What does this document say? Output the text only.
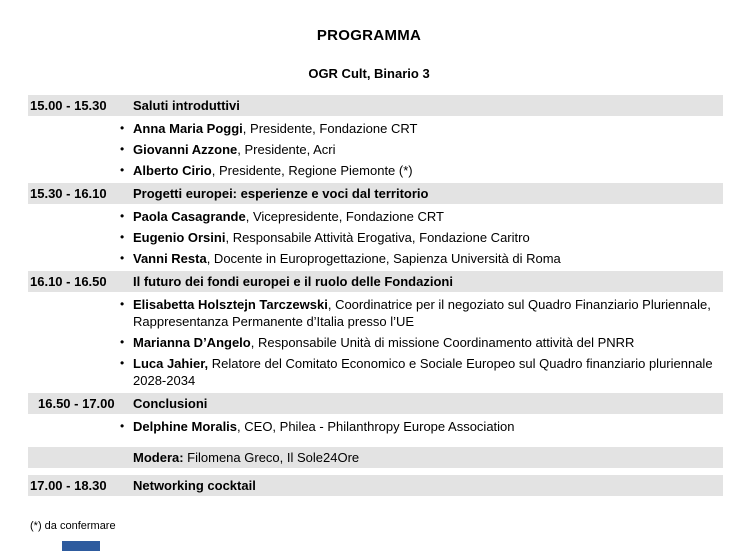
PROGRAMMA
OGR Cult, Binario 3
15.00 - 15.30	Saluti introduttivi
• Anna Maria Poggi, Presidente, Fondazione CRT
• Giovanni Azzone, Presidente, Acri
• Alberto Cirio, Presidente, Regione Piemonte (*)
15.30 - 16.10	Progetti europei: esperienze e voci dal territorio
• Paola Casagrande, Vicepresidente, Fondazione CRT
• Eugenio Orsini, Responsabile Attività Erogativa, Fondazione Caritro
• Vanni Resta, Docente in Europrogettazione, Sapienza Università di Roma
16.10 - 16.50	Il futuro dei fondi europei e il ruolo delle Fondazioni
• Elisabetta Holsztejn Tarczewski, Coordinatrice per il negoziato sul Quadro Finanziario Pluriennale, Rappresentanza Permanente d’Italia presso l’UE
• Marianna D’Angelo, Responsabile Unità di missione Coordinamento attività del PNRR
• Luca Jahier, Relatore del Comitato Economico e Sociale Europeo sul Quadro finanziario pluriennale 2028-2034
16.50 - 17.00	Conclusioni
• Delphine Moralis, CEO, Philea - Philanthropy Europe Association
Modera: Filomena Greco, Il Sole24Ore
17.00 - 18.30	Networking cocktail
(*) da confermare
